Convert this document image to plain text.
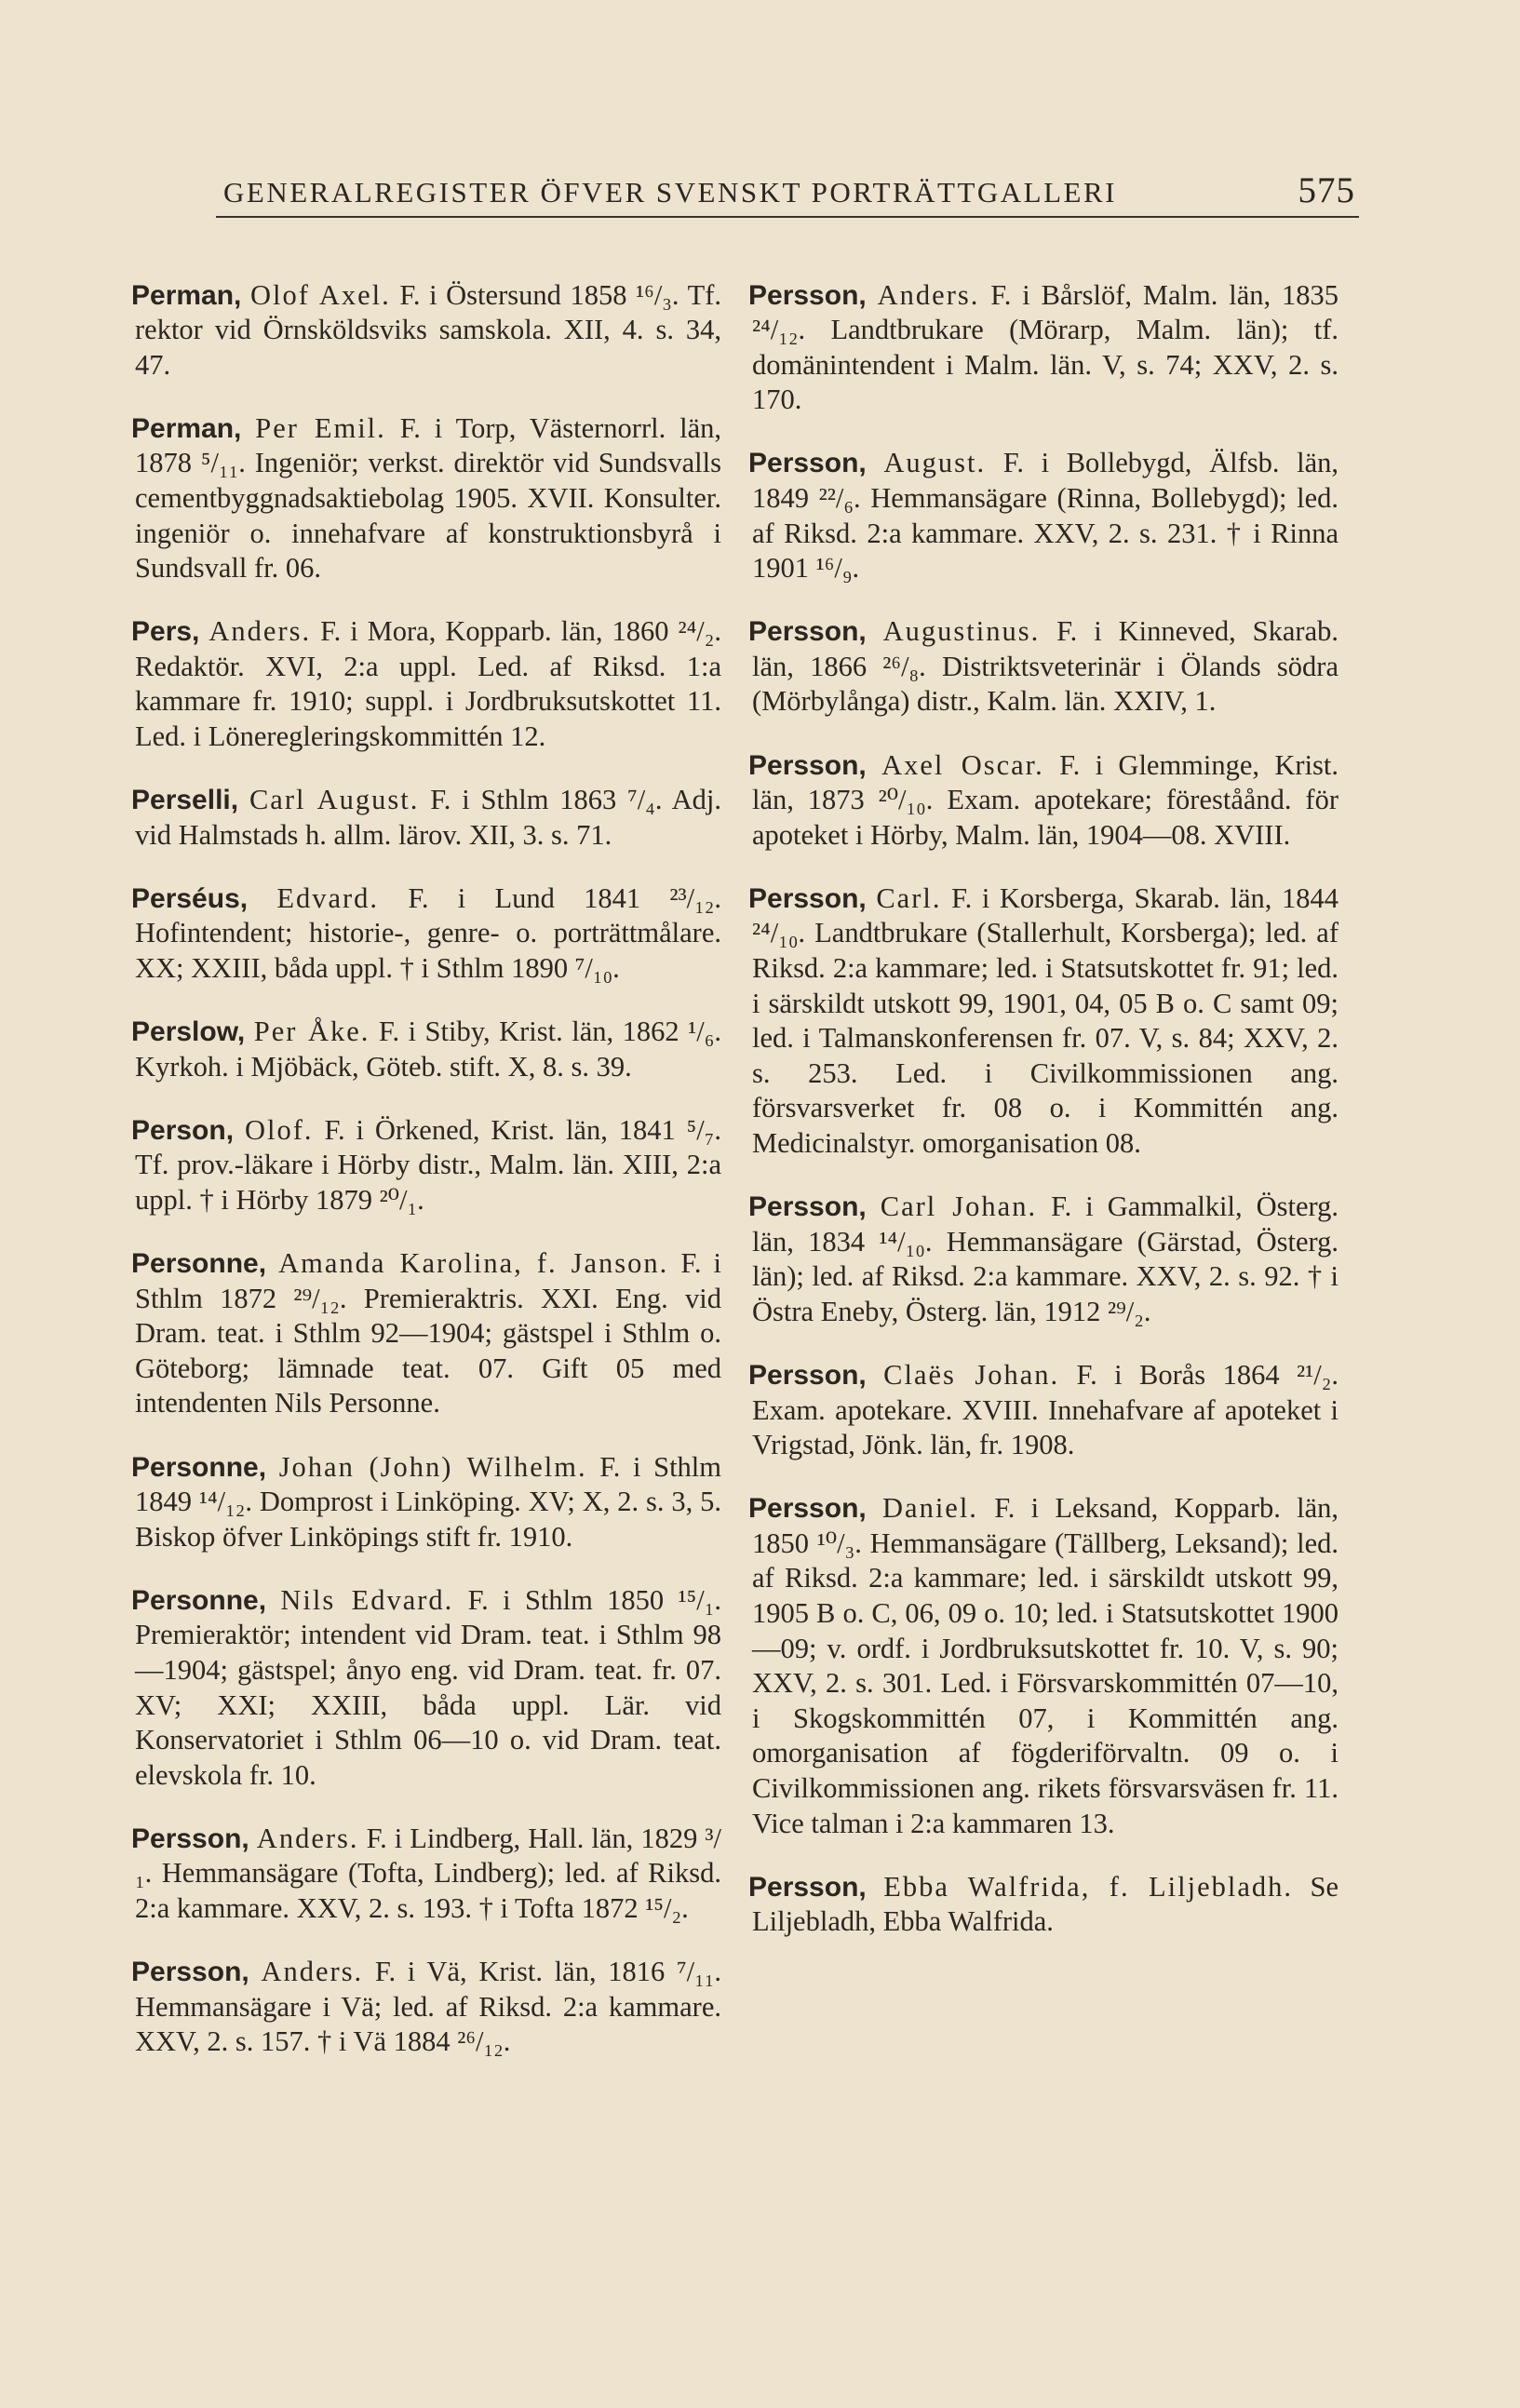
GENERALREGISTER ÖFVER SVENSKT PORTRÄTTGALLERI	575

Perman, Olof Axel. F. i Östersund 1858 ¹⁶/₃. Tf. rektor vid Örnsköldsviks samskola. XII, 4. s. 34, 47.

Perman, Per Emil. F. i Torp, Västernorrl. län, 1878 ⁵/₁₁. Ingeniör; verkst. direktör vid Sundsvalls cementbyggnadsaktiebolag 1905. XVII. Konsulter. ingeniör o. innehafvare af konstruktionsbyrå i Sundsvall fr. 06.

Pers, Anders. F. i Mora, Kopparb. län, 1860 ²⁴/₂. Redaktör. XVI, 2:a uppl. Led. af Riksd. 1:a kammare fr. 1910; suppl. i Jordbruksutskottet 11. Led. i Löneregleringskommittén 12.

Perselli, Carl August. F. i Sthlm 1863 ⁷/₄. Adj. vid Halmstads h. allm. lärov. XII, 3. s. 71.

Perséus, Edvard. F. i Lund 1841 ²³/₁₂. Hofintendent; historie-, genre- o. porträttmålare. XX; XXIII, båda uppl. † i Sthlm 1890 ⁷/₁₀.

Perslow, Per Åke. F. i Stiby, Krist. län, 1862 ¹/₆. Kyrkoh. i Mjöbäck, Göteb. stift. X, 8. s. 39.

Person, Olof. F. i Örkened, Krist. län, 1841 ⁵/₇. Tf. prov.-läkare i Hörby distr., Malm. län. XIII, 2:a uppl. † i Hörby 1879 ²⁰/₁.

Personne, Amanda Karolina, f. Janson. F. i Sthlm 1872 ²⁹/₁₂. Premieraktris. XXI. Eng. vid Dram. teat. i Sthlm 92—1904; gästspel i Sthlm o. Göteborg; lämnade teat. 07. Gift 05 med intendenten Nils Personne.

Personne, Johan (John) Wilhelm. F. i Sthlm 1849 ¹⁴/₁₂. Domprost i Linköping. XV; X, 2. s. 3, 5. Biskop öfver Linköpings stift fr. 1910.

Personne, Nils Edvard. F. i Sthlm 1850 ¹⁵/₁. Premieraktör; intendent vid Dram. teat. i Sthlm 98—1904; gästspel; ånyo eng. vid Dram. teat. fr. 07. XV; XXI; XXIII, båda uppl. Lär. vid Konservatoriet i Sthlm 06—10 o. vid Dram. teat. elevskola fr. 10.

Persson, Anders. F. i Lindberg, Hall. län, 1829 ³/₁. Hemmansägare (Tofta, Lindberg); led. af Riksd. 2:a kammare. XXV, 2. s. 193. † i Tofta 1872 ¹⁵/₂.

Persson, Anders. F. i Vä, Krist. län, 1816 ⁷/₁₁. Hemmansägare i Vä; led. af Riksd. 2:a kammare. XXV, 2. s. 157. † i Vä 1884 ²⁶/₁₂.

Persson, Anders. F. i Bårslöf, Malm. län, 1835 ²⁴/₁₂. Landtbrukare (Mörarp, Malm. län); tf. domänintendent i Malm. län. V, s. 74; XXV, 2. s. 170.

Persson, August. F. i Bollebygd, Älfsb. län, 1849 ²²/₆. Hemmansägare (Rinna, Bollebygd); led. af Riksd. 2:a kammare. XXV, 2. s. 231. † i Rinna 1901 ¹⁶/₉.

Persson, Augustinus. F. i Kinneved, Skarab. län, 1866 ²⁶/₈. Distriktsveterinär i Ölands södra (Mörbylånga) distr., Kalm. län. XXIV, 1.

Persson, Axel Oscar. F. i Glemminge, Krist. län, 1873 ²⁰/₁₀. Exam. apotekare; föreståånd. för apoteket i Hörby, Malm. län, 1904—08. XVIII.

Persson, Carl. F. i Korsberga, Skarab. län, 1844 ²⁴/₁₀. Landtbrukare (Stallerhult, Korsberga); led. af Riksd. 2:a kammare; led. i Statsutskottet fr. 91; led. i särskildt utskott 99, 1901, 04, 05 B o. C samt 09; led. i Talmanskonferensen fr. 07. V, s. 84; XXV, 2. s. 253. Led. i Civilkommissionen ang. försvarsverket fr. 08 o. i Kommittén ang. Medicinalstyr. omorganisation 08.

Persson, Carl Johan. F. i Gammalkil, Österg. län, 1834 ¹⁴/₁₀. Hemmansägare (Gärstad, Österg. län); led. af Riksd. 2:a kammare. XXV, 2. s. 92. † i Östra Eneby, Österg. län, 1912 ²⁹/₂.

Persson, Claës Johan. F. i Borås 1864 ²¹/₂. Exam. apotekare. XVIII. Innehafvare af apoteket i Vrigstad, Jönk. län, fr. 1908.

Persson, Daniel. F. i Leksand, Kopparb. län, 1850 ¹⁰/₃. Hemmansägare (Tällberg, Leksand); led. af Riksd. 2:a kammare; led. i särskildt utskott 99, 1905 B o. C, 06, 09 o. 10; led. i Statsutskottet 1900—09; v. ordf. i Jordbruksutskottet fr. 10. V, s. 90; XXV, 2. s. 301. Led. i Försvarskommittén 07—10, i Skogskommittén 07, i Kommittén ang. omorganisation af fögderiförvaltn. 09 o. i Civilkommissionen ang. rikets försvarsväsen fr. 11. Vice talman i 2:a kammaren 13.

Persson, Ebba Walfrida, f. Liljebladh. Se Liljebladh, Ebba Walfrida.
